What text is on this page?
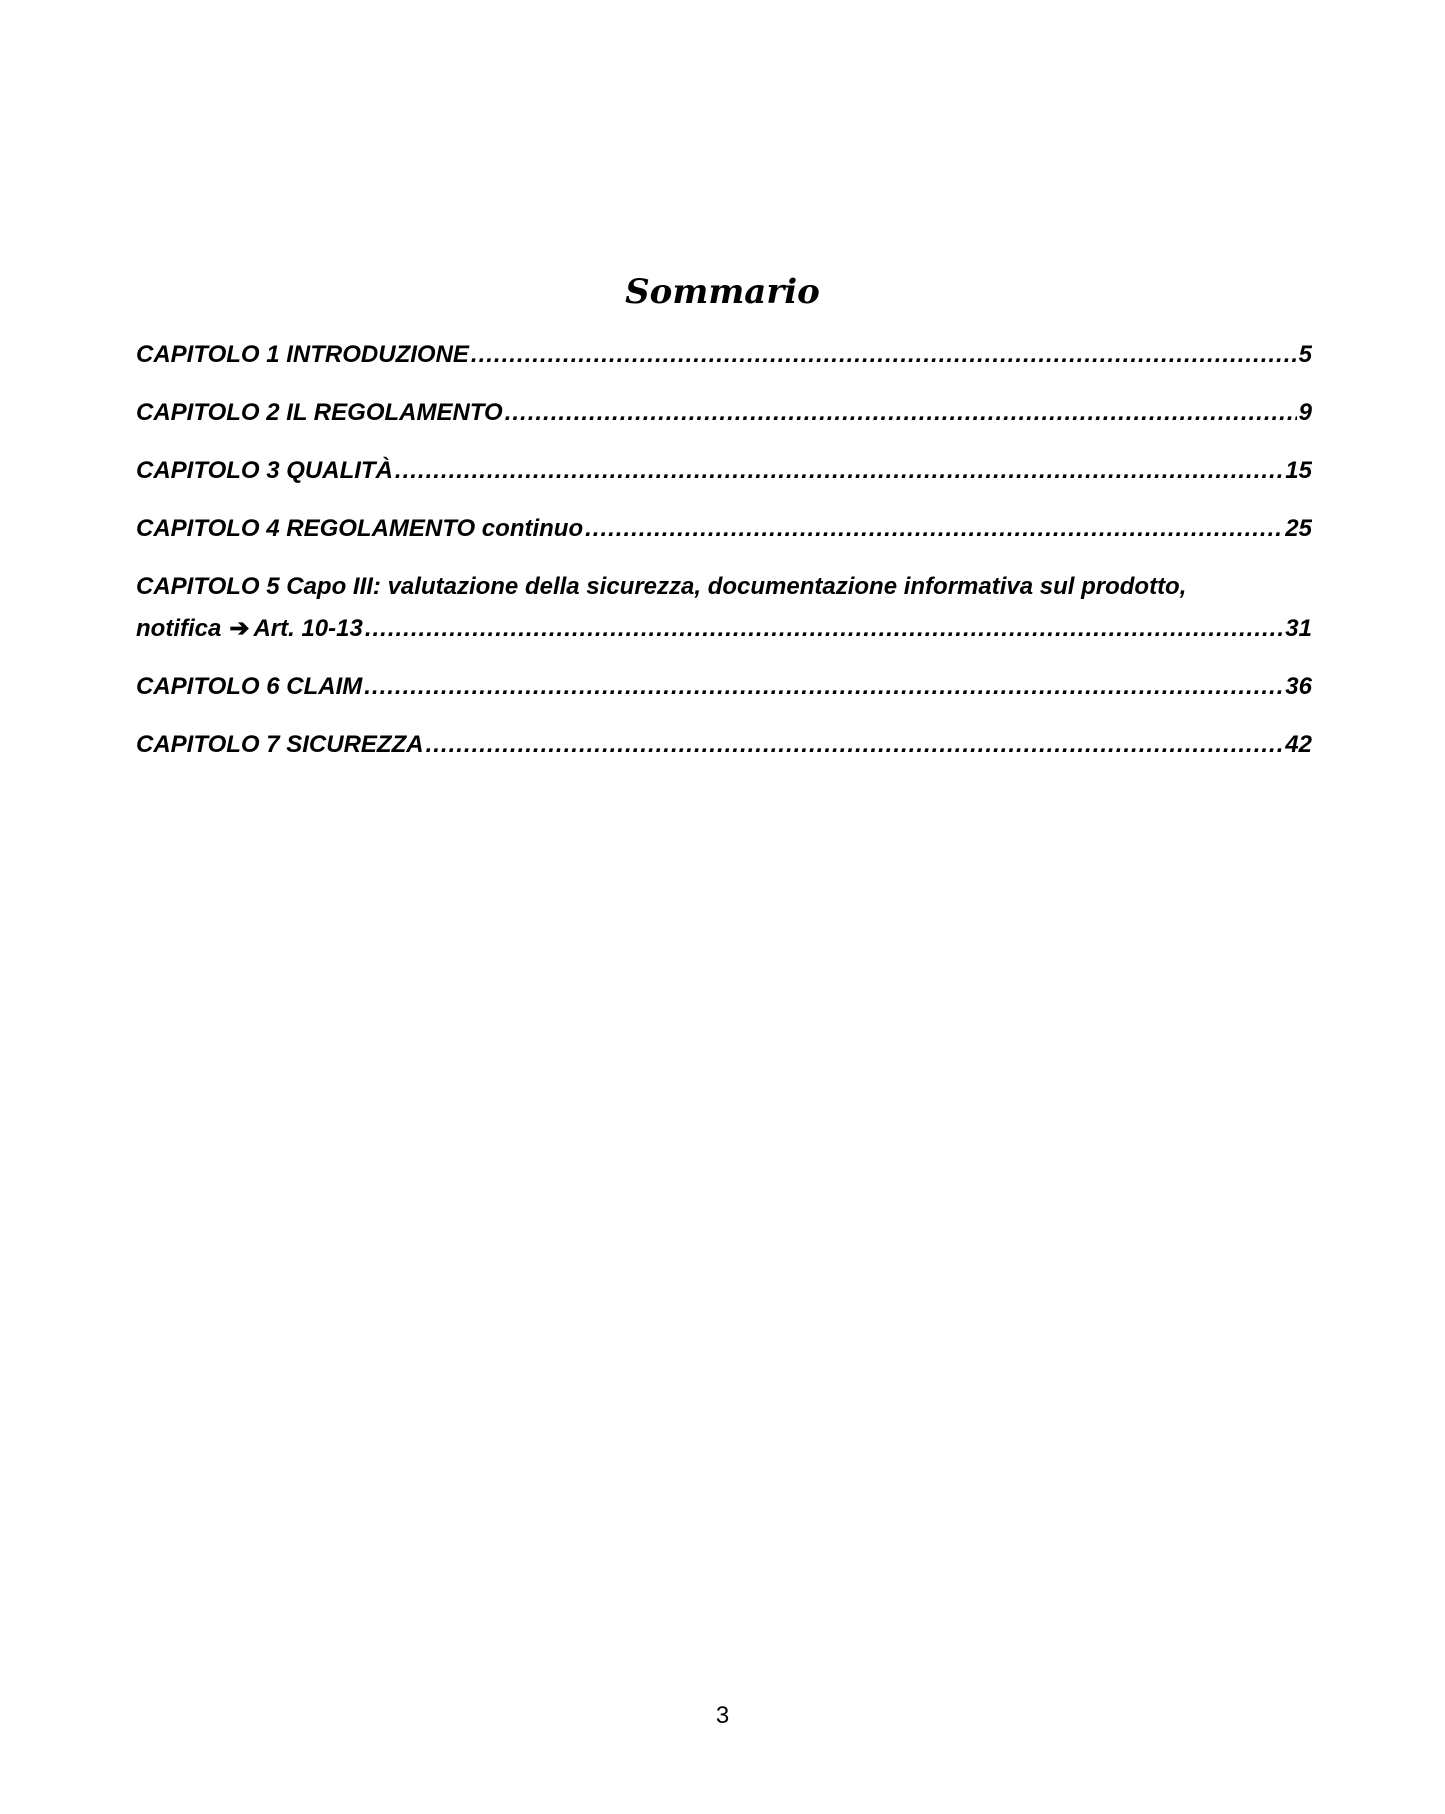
Sommario
CAPITOLO 1 INTRODUZIONE .....	5
CAPITOLO 2 IL REGOLAMENTO .....	9
CAPITOLO 3 QUALITÀ .....	15
CAPITOLO 4 REGOLAMENTO continuo .....	25
CAPITOLO 5 Capo III: valutazione della sicurezza, documentazione informativa sul prodotto,
notifica ➔ Art. 10-13 .....	31
CAPITOLO 6 CLAIM .....	36
CAPITOLO 7 SICUREZZA .....	42

3
